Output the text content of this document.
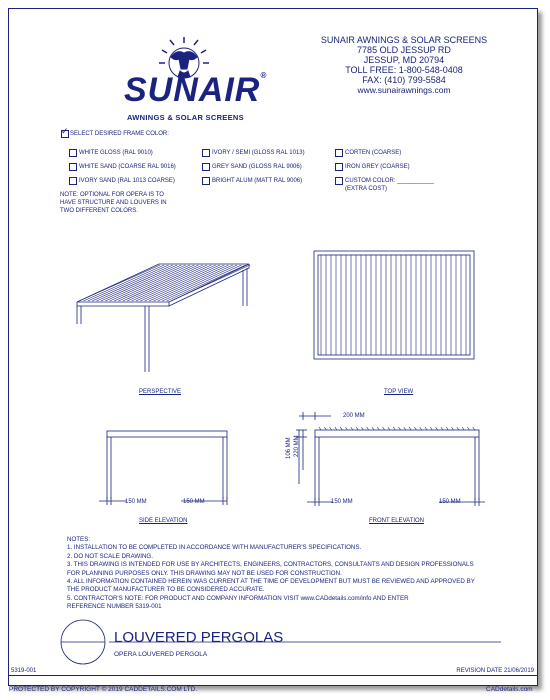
SUNAIR®
AWNINGS & SOLAR SCREENS
SUNAIR AWNINGS & SOLAR SCREENS
7785 OLD JESSUP RD
JESSUP, MD 20794
TOLL FREE: 1-800-548-0408
FAX: (410) 799-5584
www.sunairawnings.com
✓ SELECT DESIRED FRAME COLOR:
WHITE GLOSS (RAL 9010)
WHITE SAND (COARSE RAL 9016)
IVORY SAND (RAL 1013 COARSE)
IVORY / SEMI (GLOSS RAL 1013)
GREY SAND (GLOSS RAL 9006)
BRIGHT ALUM (MATT RAL 9006)
CORTEN (COARSE)
IRON GREY (COARSE)
CUSTOM COLOR: ___________
(EXTRA COST)
NOTE: OPTIONAL FOR OPERA IS TO
HAVE STRUCTURE AND LOUVERS IN
TWO DIFFERENT COLORS.
PERSPECTIVE	TOP VIEW
150 MM	150 MM
SIDE ELEVATION
200 MM
106 MM 220 MM
150 MM	150 MM
FRONT ELEVATION
NOTES:
1. INSTALLATION TO BE COMPLETED IN ACCORDANCE WITH MANUFACTURER'S SPECIFICATIONS.
2. DO NOT SCALE DRAWING.
3. THIS DRAWING IS INTENDED FOR USE BY ARCHITECTS, ENGINEERS, CONTRACTORS, CONSULTANTS AND DESIGN PROFESSIONALS
FOR PLANNING PURPOSES ONLY. THIS DRAWING MAY NOT BE USED FOR CONSTRUCTION.
4. ALL INFORMATION CONTAINED HEREIN WAS CURRENT AT THE TIME OF DEVELOPMENT BUT MUST BE REVIEWED AND APPROVED BY
THE PRODUCT MANUFACTURER TO BE CONSIDERED ACCURATE.
5. CONTRACTOR'S NOTE: FOR PRODUCT AND COMPANY INFORMATION VISIT www.CADdetails.com/info AND ENTER
REFERENCE NUMBER 5319-001
LOUVERED PERGOLAS
OPERA LOUVERED PERGOLA
5319-001	REVISION DATE 21/06/2019
PROTECTED BY COPYRIGHT © 2019 CADDETAILS.COM LTD.	CADdetails.com
